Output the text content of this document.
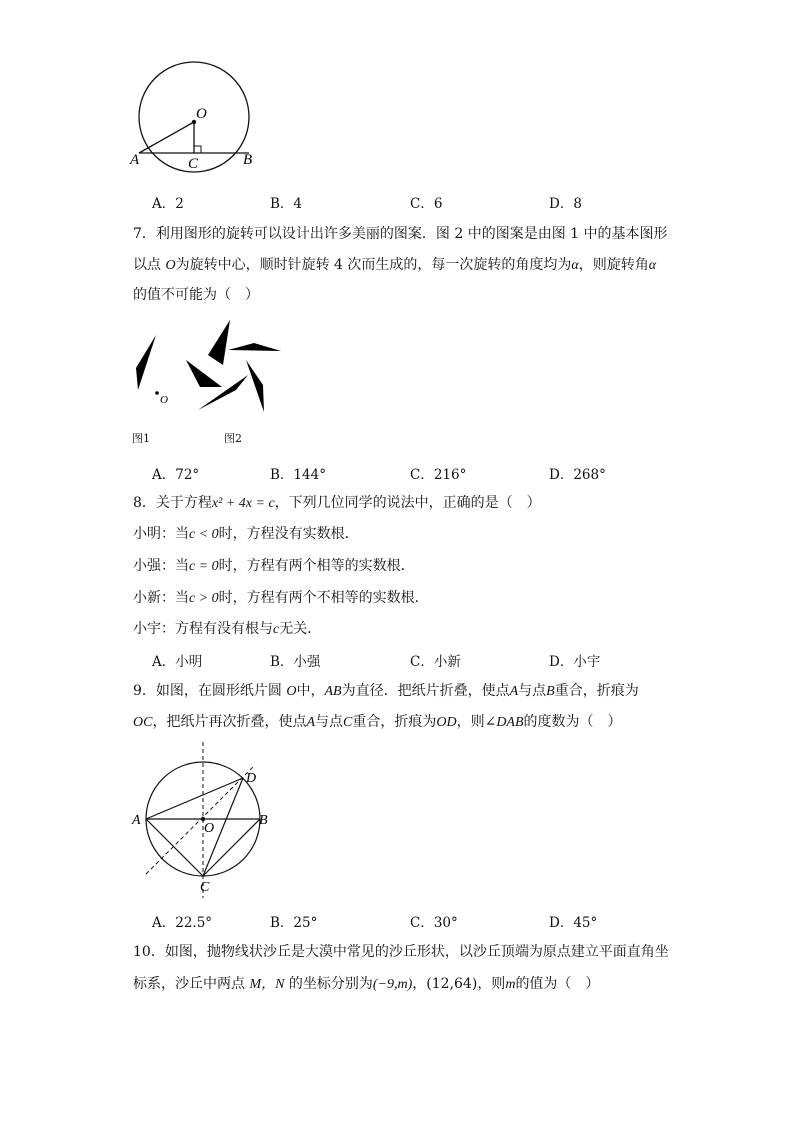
O
A	C	B
A．2	B．4	C．6	D．8
7．利用图形的旋转可以设计出许多美丽的图案．图 2 中的图案是由图 1 中的基本图形
以点 O为旋转中心，顺时针旋转 4 次而生成的，每一次旋转的角度均为α，则旋转角α
的值不可能为（　）
O
图1	图2
A．72°	B．144°	C．216°	D．268°
8．关于方程x² + 4x = c，下列几位同学的说法中，正确的是（　）
小明：当c < 0时，方程没有实数根．
小强：当c = 0时，方程有两个相等的实数根．
小新：当c > 0时，方程有两个不相等的实数根．
小宇：方程有没有根与c无关．
A．小明	B．小强	C．小新	D．小宇
9．如图，在圆形纸片圆 O中，AB为直径．把纸片折叠，使点A与点B重合，折痕为
OC，把纸片再次折叠，使点A与点C重合，折痕为OD，则∠DAB的度数为（　）
A	B
C
D
O
A．22.5°	B．25°	C．30°	D．45°
10．如图，抛物线状沙丘是大漠中常见的沙丘形状，以沙丘顶端为原点建立平面直角坐
标系，沙丘中两点 M，N 的坐标分别为(−9,m)，(12,64)，则m的值为（　）
